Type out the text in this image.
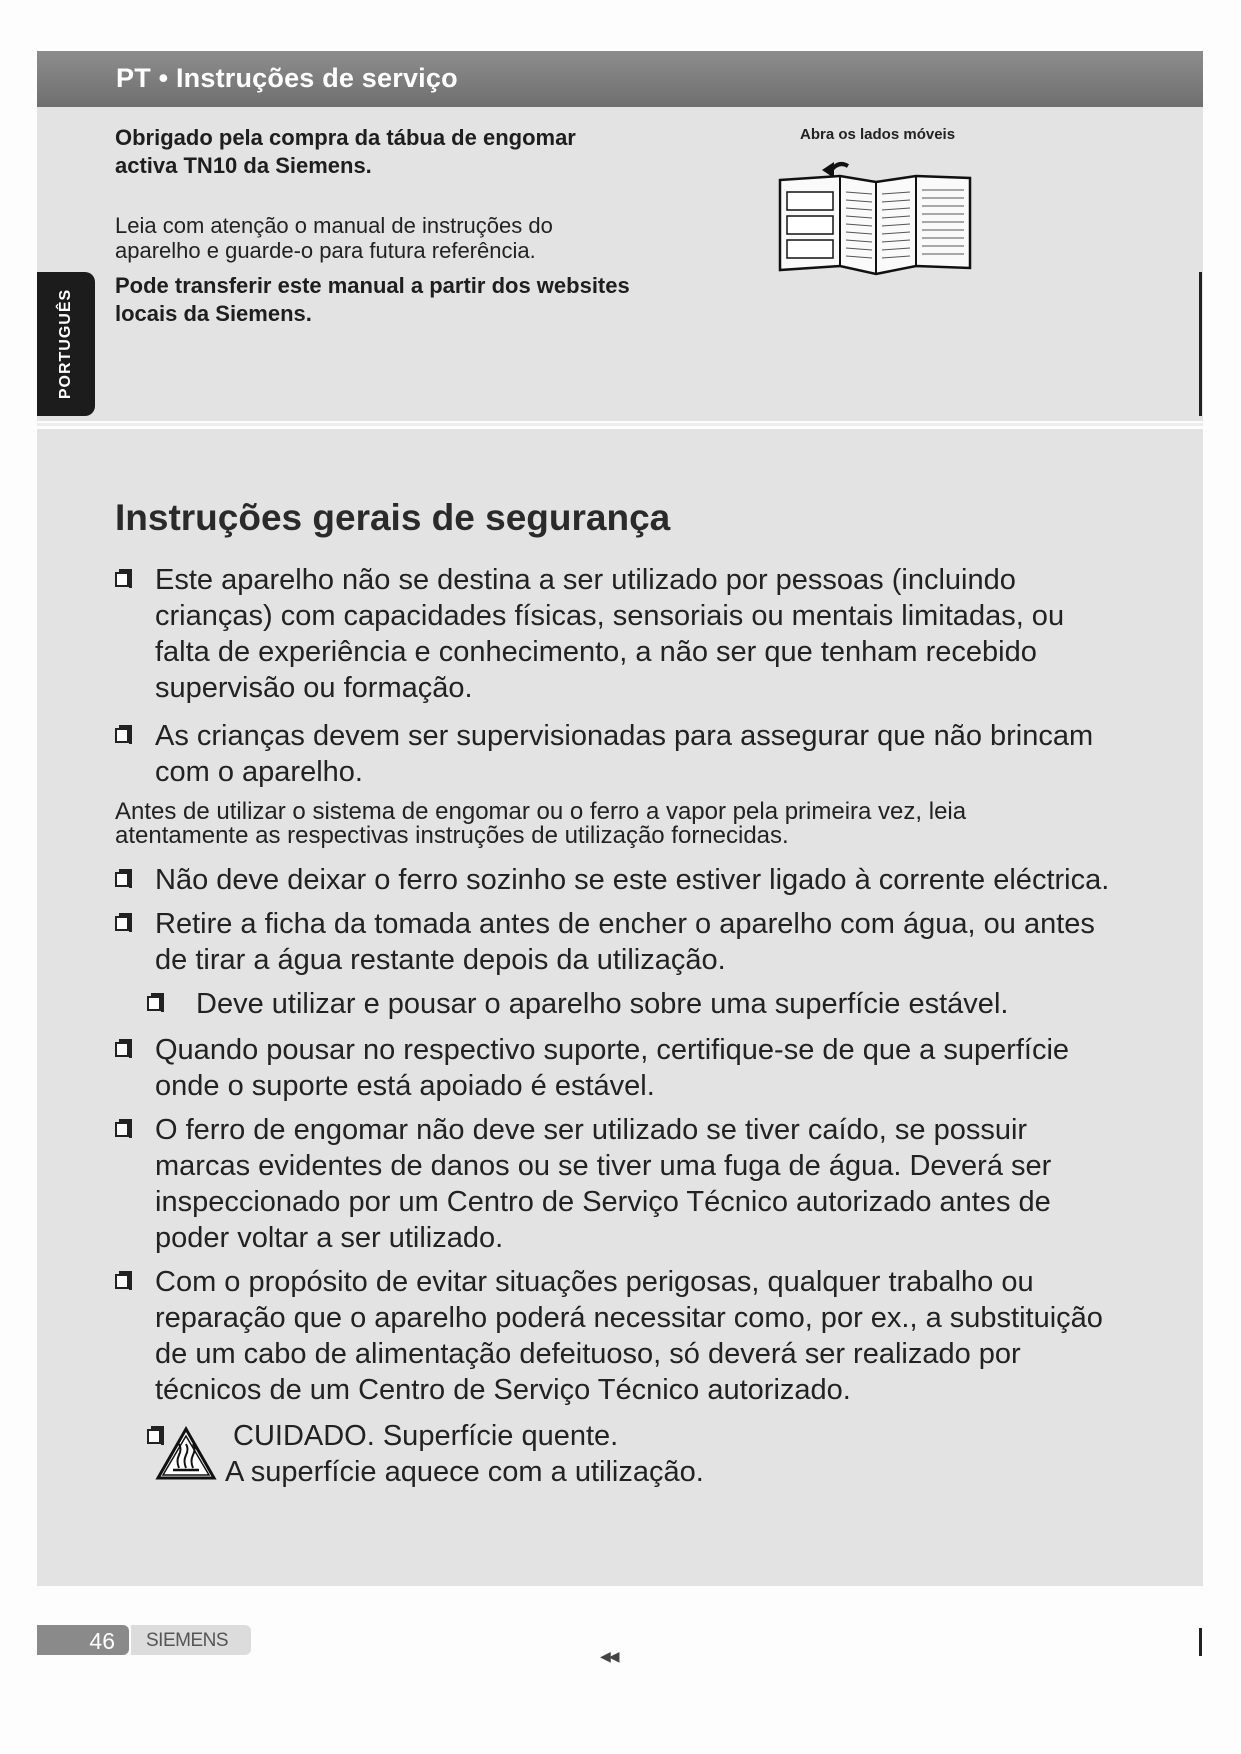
PT • Instruções de serviço
PORTUGUÊS
Obrigado pela compra da tábua de engomar activa TN10 da Siemens.
Leia com atenção o manual de instruções do aparelho e guarde-o para futura referência.
Pode transferir este manual a partir dos websites locais da Siemens.
Abra os lados móveis
Instruções gerais de segurança
Este aparelho não se destina a ser utilizado por pessoas (incluindo crianças) com capacidades físicas, sensoriais ou mentais limitadas, ou falta de experiência e conhecimento, a não ser que tenham recebido supervisão ou formação.
As crianças devem ser supervisionadas para assegurar que não brincam com o aparelho.
Antes de utilizar o sistema de engomar ou o ferro a vapor pela primeira vez, leia atentamente as respectivas instruções de utilização fornecidas.
Não deve deixar o ferro sozinho se este estiver ligado à corrente eléctrica.
Retire a ficha da tomada antes de encher o aparelho com água, ou antes de tirar a água restante depois da utilização.
Deve utilizar e pousar o aparelho sobre uma superfície estável.
Quando pousar no respectivo suporte, certifique-se de que a superfície onde o suporte está apoiado é estável.
O ferro de engomar não deve ser utilizado se tiver caído, se possuir marcas evidentes de danos ou se tiver uma fuga de água. Deverá ser inspeccionado por um Centro de Serviço Técnico autorizado antes de poder voltar a ser utilizado.
Com o propósito de evitar situações perigosas, qualquer trabalho ou reparação que o aparelho poderá necessitar como, por ex., a substituição de um cabo de alimentação defeituoso, só deverá ser realizado por técnicos de um Centro de Serviço Técnico autorizado.
CUIDADO. Superfície quente.
A superfície aquece com a utilização.
46 SIEMENS
◀◀
